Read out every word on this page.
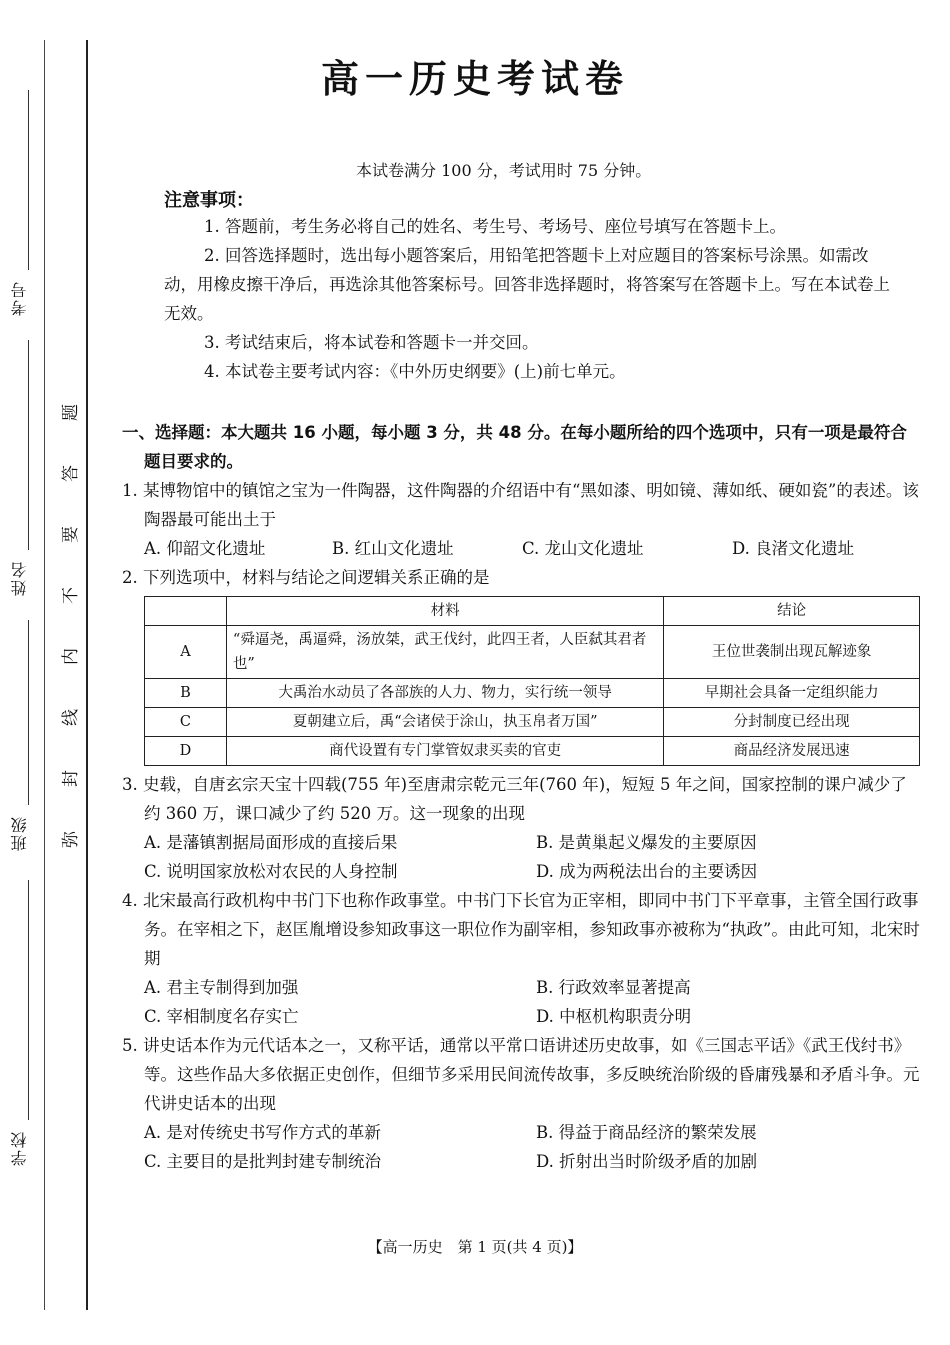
考号
姓名
班级
学校
题
答
要
不
内
线
封
弥
高一历史考试卷
本试卷满分 100 分，考试用时 75 分钟。
注意事项：
1. 答题前，考生务必将自己的姓名、考生号、考场号、座位号填写在答题卡上。
2. 回答选择题时，选出每小题答案后，用铅笔把答题卡上对应题目的答案标号涂黑。如需改动，用橡皮擦干净后，再选涂其他答案标号。回答非选择题时，将答案写在答题卡上。写在本试卷上无效。
3. 考试结束后，将本试卷和答题卡一并交回。
4. 本试卷主要考试内容：《中外历史纲要》(上)前七单元。
一、选择题：本大题共 16 小题，每小题 3 分，共 48 分。在每小题所给的四个选项中，只有一项是最符合题目要求的。
1. 某博物馆中的镇馆之宝为一件陶器，这件陶器的介绍语中有“黑如漆、明如镜、薄如纸、硬如瓷”的表述。该陶器最可能出土于
A. 仰韶文化遗址	B. 红山文化遗址	C. 龙山文化遗址	D. 良渚文化遗址
2. 下列选项中，材料与结论之间逻辑关系正确的是
	材料	结论
A	“舜逼尧，禹逼舜，汤放桀，武王伐纣，此四王者，人臣弑其君者也”	王位世袭制出现瓦解迹象
B	大禹治水动员了各部族的人力、物力，实行统一领导	早期社会具备一定组织能力
C	夏朝建立后，禹“会诸侯于涂山，执玉帛者万国”	分封制度已经出现
D	商代设置有专门掌管奴隶买卖的官吏	商品经济发展迅速
3. 史载，自唐玄宗天宝十四载(755 年)至唐肃宗乾元三年(760 年)，短短 5 年之间，国家控制的课户减少了约 360 万，课口减少了约 520 万。这一现象的出现
A. 是藩镇割据局面形成的直接后果	B. 是黄巢起义爆发的主要原因
C. 说明国家放松对农民的人身控制	D. 成为两税法出台的主要诱因
4. 北宋最高行政机构中书门下也称作政事堂。中书门下长官为正宰相，即同中书门下平章事，主管全国行政事务。在宰相之下，赵匡胤增设参知政事这一职位作为副宰相，参知政事亦被称为“执政”。由此可知，北宋时期
A. 君主专制得到加强	B. 行政效率显著提高
C. 宰相制度名存实亡	D. 中枢机构职责分明
5. 讲史话本作为元代话本之一，又称平话，通常以平常口语讲述历史故事，如《三国志平话》《武王伐纣书》等。这些作品大多依据正史创作，但细节多采用民间流传故事，多反映统治阶级的昏庸残暴和矛盾斗争。元代讲史话本的出现
A. 是对传统史书写作方式的革新	B. 得益于商品经济的繁荣发展
C. 主要目的是批判封建专制统治	D. 折射出当时阶级矛盾的加剧
【高一历史　第 1 页(共 4 页)】
